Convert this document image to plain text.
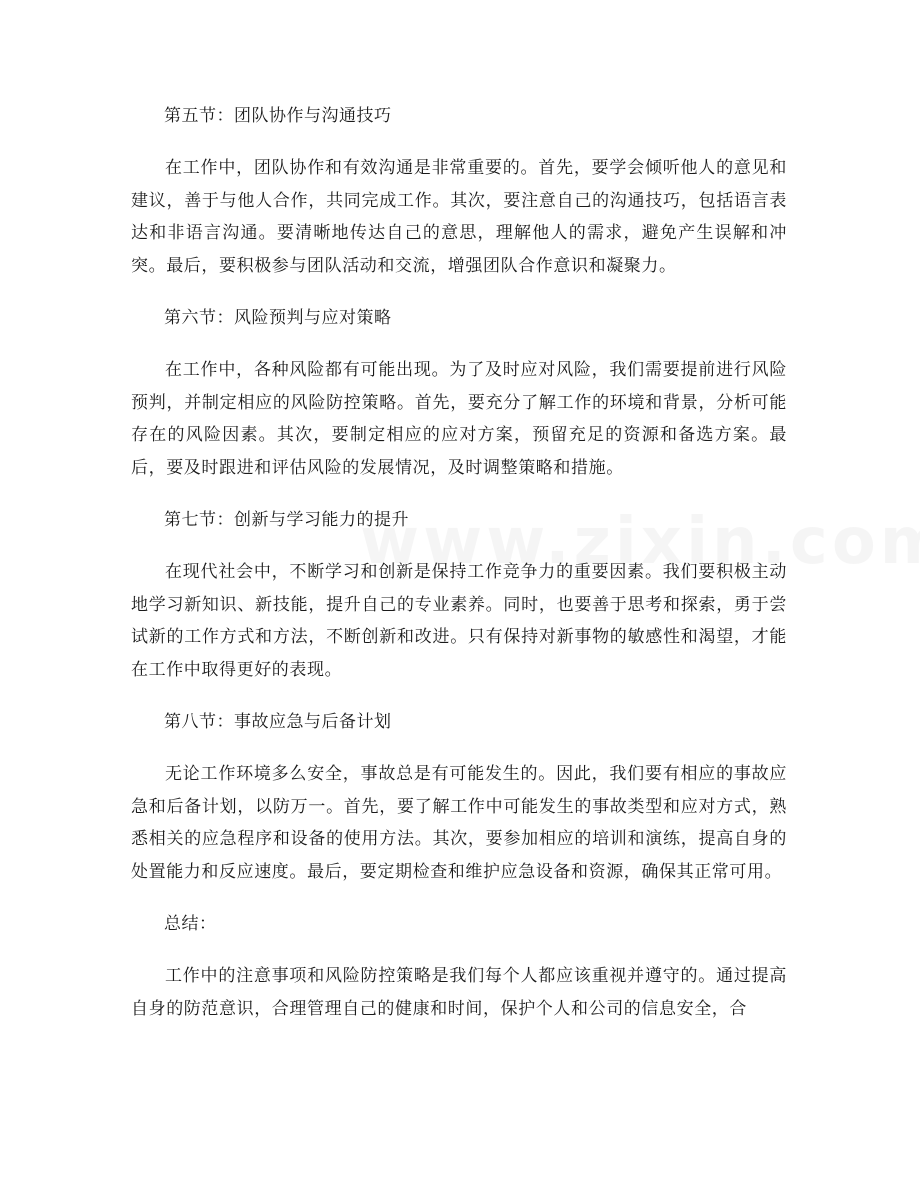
第五节：团队协作与沟通技巧

在工作中，团队协作和有效沟通是非常重要的。首先，要学会倾听他人的意见和建议，善于与他人合作，共同完成工作。其次，要注意自己的沟通技巧，包括语言表达和非语言沟通。要清晰地传达自己的意思，理解他人的需求，避免产生误解和冲突。最后，要积极参与团队活动和交流，增强团队合作意识和凝聚力。

第六节：风险预判与应对策略

在工作中，各种风险都有可能出现。为了及时应对风险，我们需要提前进行风险预判，并制定相应的风险防控策略。首先，要充分了解工作的环境和背景，分析可能存在的风险因素。其次，要制定相应的应对方案，预留充足的资源和备选方案。最后，要及时跟进和评估风险的发展情况，及时调整策略和措施。

第七节：创新与学习能力的提升

在现代社会中，不断学习和创新是保持工作竞争力的重要因素。我们要积极主动地学习新知识、新技能，提升自己的专业素养。同时，也要善于思考和探索，勇于尝试新的工作方式和方法，不断创新和改进。只有保持对新事物的敏感性和渴望，才能在工作中取得更好的表现。

第八节：事故应急与后备计划

无论工作环境多么安全，事故总是有可能发生的。因此，我们要有相应的事故应急和后备计划，以防万一。首先，要了解工作中可能发生的事故类型和应对方式，熟悉相关的应急程序和设备的使用方法。其次，要参加相应的培训和演练，提高自身的处置能力和反应速度。最后，要定期检查和维护应急设备和资源，确保其正常可用。

总结：

工作中的注意事项和风险防控策略是我们每个人都应该重视并遵守的。通过提高自身的防范意识，合理管理自己的健康和时间，保护个人和公司的信息安全，合
